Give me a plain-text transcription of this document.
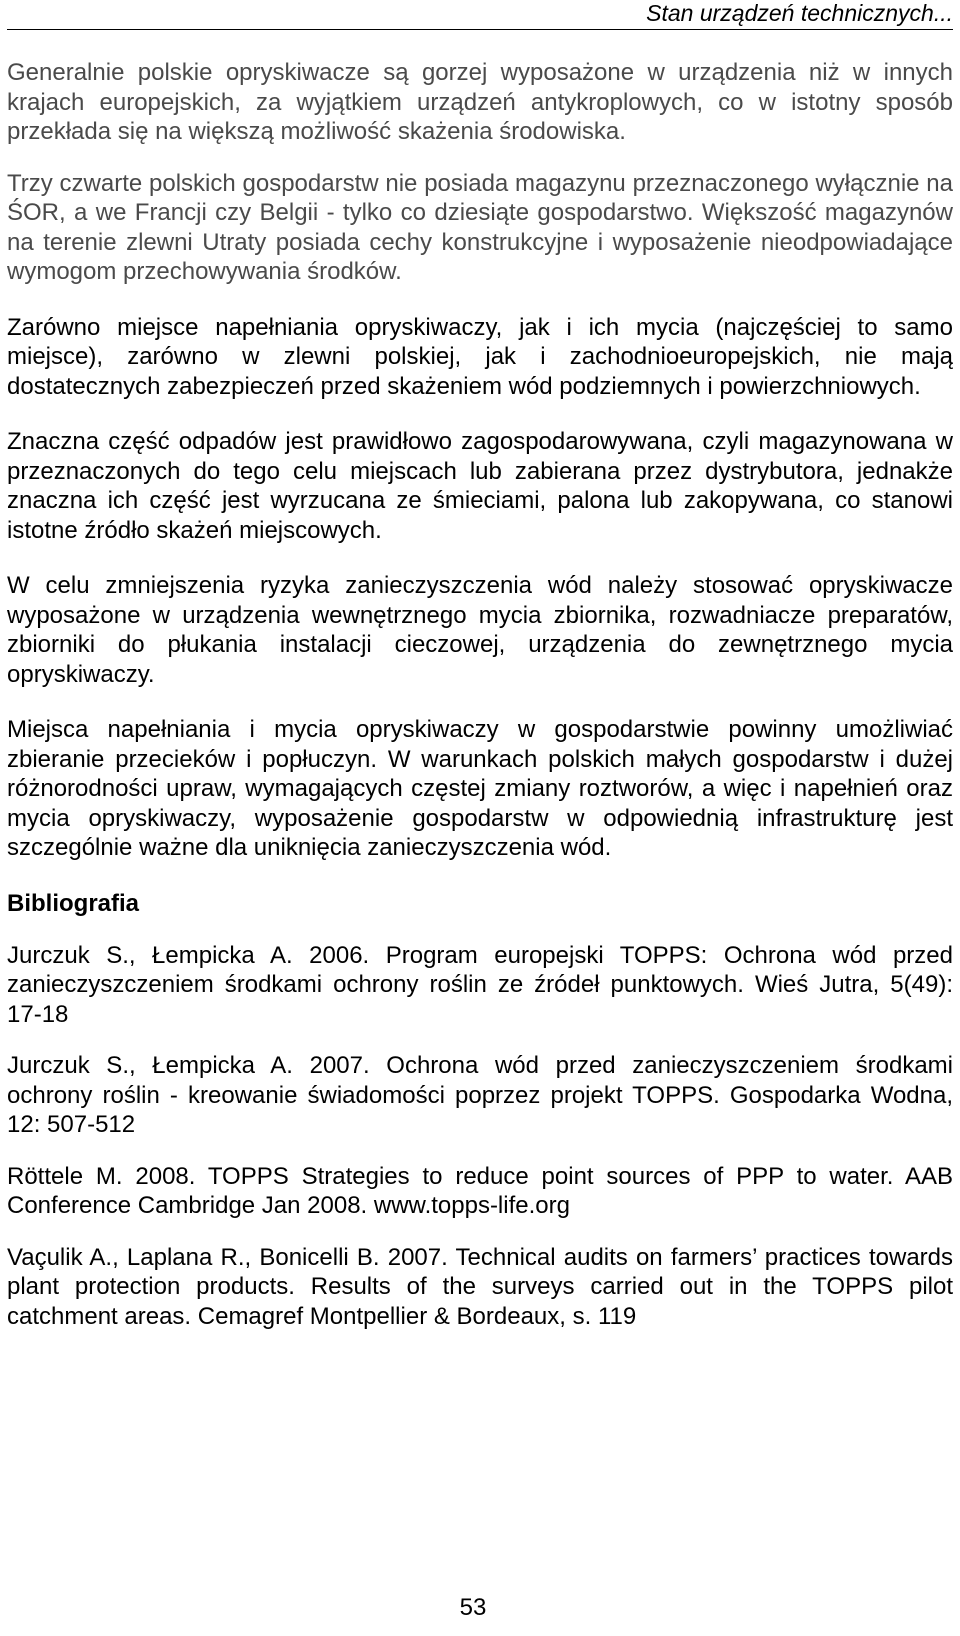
Stan urządzeń technicznych...

Generalnie polskie opryskiwacze są gorzej wyposażone w urządzenia niż w innych krajach europejskich, za wyjątkiem urządzeń antykroplowych, co w istotny sposób przekłada się na większą możliwość skażenia środowiska.

Trzy czwarte polskich gospodarstw nie posiada magazynu przeznaczonego wyłącznie na ŚOR, a we Francji czy Belgii - tylko co dziesiąte gospodarstwo. Większość magazynów na terenie zlewni Utraty posiada cechy konstrukcyjne i wyposażenie nieodpowiadające wymogom przechowywania środków.

Zarówno miejsce napełniania opryskiwaczy, jak i ich mycia (najczęściej to samo miejsce), zarówno w zlewni polskiej, jak i zachodnioeuropejskich, nie mają dostatecznych zabezpieczeń przed skażeniem wód podziemnych i powierzchniowych.

Znaczna część odpadów jest prawidłowo zagospodarowywana, czyli magazynowana w przeznaczonych do tego celu miejscach lub zabierana przez dystrybutora, jednakże znaczna ich część jest wyrzucana ze śmieciami, palona lub zakopywana, co stanowi istotne źródło skażeń miejscowych.

W celu zmniejszenia ryzyka zanieczyszczenia wód należy stosować opryskiwacze wyposażone w urządzenia wewnętrznego mycia zbiornika, rozwadniacze preparatów, zbiorniki do płukania instalacji cieczowej, urządzenia do zewnętrznego mycia opryskiwaczy.

Miejsca napełniania i mycia opryskiwaczy w gospodarstwie powinny umożliwiać zbieranie przecieków i popłuczyn. W warunkach polskich małych gospodarstw i dużej różnorodności upraw, wymagających częstej zmiany roztworów, a więc i napełnień oraz mycia opryskiwaczy, wyposażenie gospodarstw w odpowiednią infrastrukturę jest szczególnie ważne dla uniknięcia zanieczyszczenia wód.

Bibliografia

Jurczuk S., Łempicka A. 2006. Program europejski TOPPS: Ochrona wód przed zanieczyszczeniem środkami ochrony roślin ze źródeł punktowych. Wieś Jutra, 5(49): 17-18

Jurczuk S., Łempicka A. 2007. Ochrona wód przed zanieczyszczeniem środkami ochrony roślin - kreowanie świadomości poprzez projekt TOPPS. Gospodarka Wodna, 12: 507-512

Röttele M. 2008. TOPPS Strategies to reduce point sources of PPP to water. AAB Conference Cambridge Jan 2008. www.topps-life.org

Vaçulik A., Laplana R., Bonicelli B. 2007. Technical audits on farmers’ practices towards plant protection products. Results of the surveys carried out in the TOPPS pilot catchment areas. Cemagref Montpellier & Bordeaux, s. 119

53
